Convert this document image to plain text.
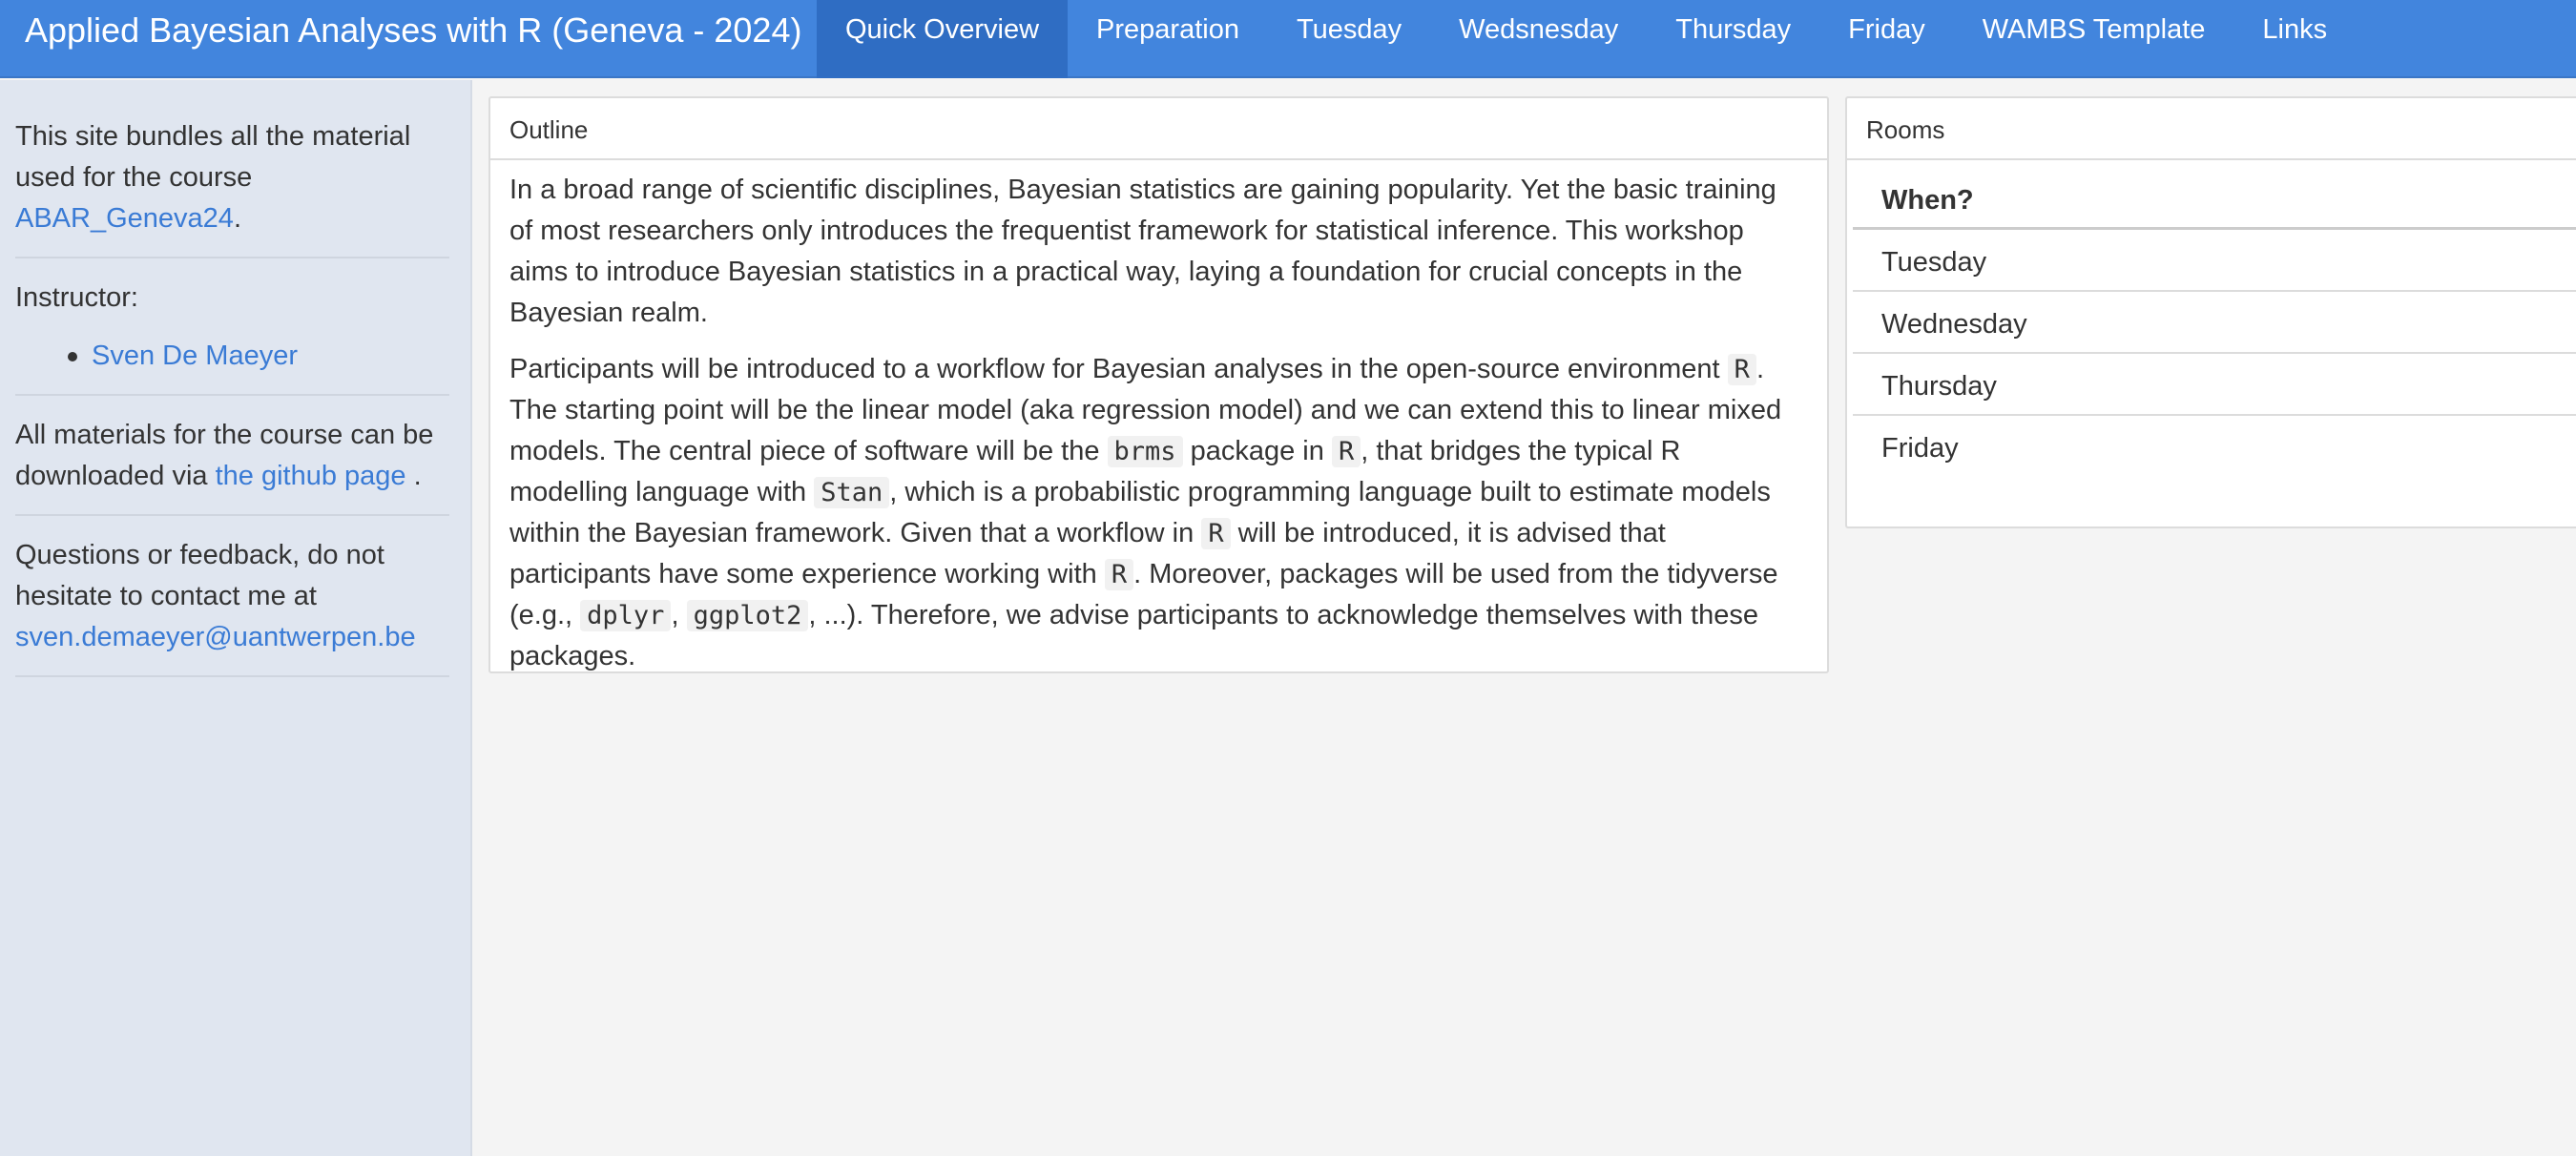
Applied Bayesian Analyses with R (Geneva - 2024)	Quick Overview	Preparation	Tuesday	Wedsnesday	Thursday	Friday	WAMBS Template	Links

This site bundles all the material used for the course ABAR_Geneva24.

Instructor:

Sven De Maeyer

All materials for the course can be downloaded via the github page .

Questions or feedback, do not hesitate to contact me at

sven.demaeyer@uantwerpen.be

Outline

In a broad range of scientific disciplines, Bayesian statistics are gaining popularity. Yet the basic training of most researchers only introduces the frequentist framework for statistical inference. This workshop aims to introduce Bayesian statistics in a practical way, laying a foundation for crucial concepts in the Bayesian realm.

Participants will be introduced to a workflow for Bayesian analyses in the open-source environment R . The starting point will be the linear model (aka regression model) and we can extend this to linear mixed models. The central piece of software will be the brms package in R , that bridges the typical R modelling language with Stan , which is a probabilistic programming language built to estimate models within the Bayesian framework. Given that a workflow in R will be introduced, it is advised that participants have some experience working with R . Moreover, packages will be used from the tidyverse (e.g., dplyr , ggplot2 , ...). Therefore, we advise participants to acknowledge themselves with these packages.

Rooms
When?
Tuesday
Wednesday
Thursday
Friday
